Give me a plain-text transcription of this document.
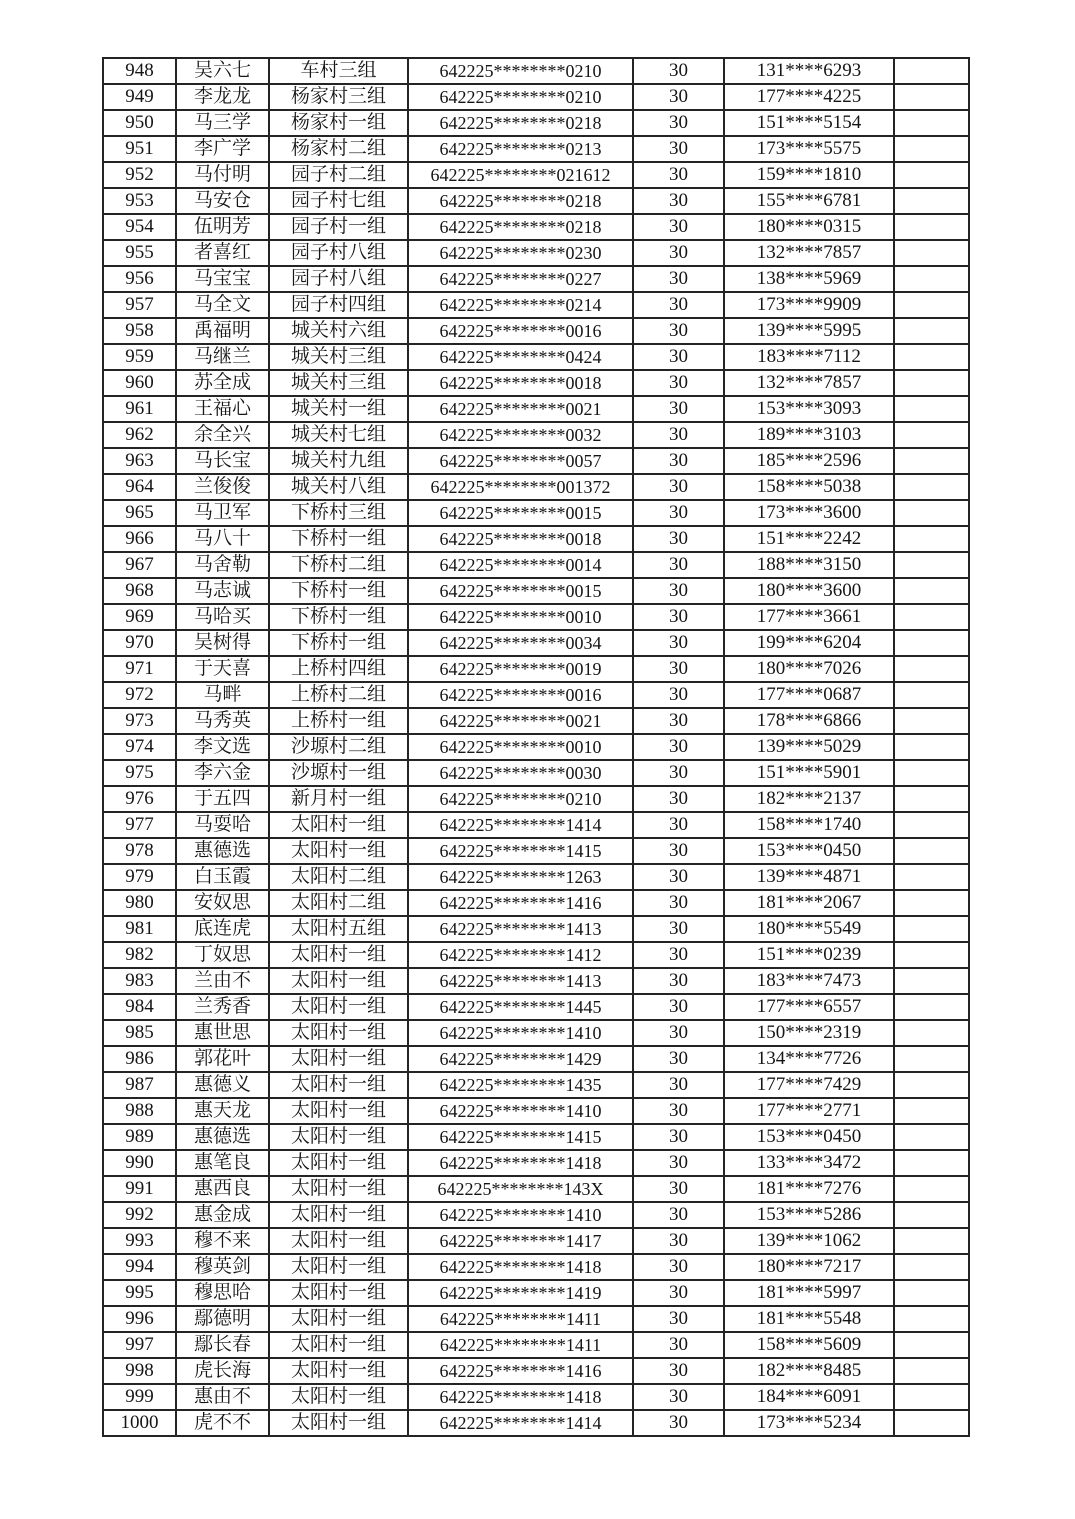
948	吴六七	车村三组	642225********0210	30	131****6293	
949	李龙龙	杨家村三组	642225********0210	30	177****4225	
950	马三学	杨家村一组	642225********0218	30	151****5154	
951	李广学	杨家村二组	642225********0213	30	173****5575	
952	马付明	园子村二组	642225********021612	30	159****1810	
953	马安仓	园子村七组	642225********0218	30	155****6781	
954	伍明芳	园子村一组	642225********0218	30	180****0315	
955	者喜红	园子村八组	642225********0230	30	132****7857	
956	马宝宝	园子村八组	642225********0227	30	138****5969	
957	马全文	园子村四组	642225********0214	30	173****9909	
958	禹福明	城关村六组	642225********0016	30	139****5995	
959	马继兰	城关村三组	642225********0424	30	183****7112	
960	苏全成	城关村三组	642225********0018	30	132****7857	
961	王福心	城关村一组	642225********0021	30	153****3093	
962	余全兴	城关村七组	642225********0032	30	189****3103	
963	马长宝	城关村九组	642225********0057	30	185****2596	
964	兰俊俊	城关村八组	642225********001372	30	158****5038	
965	马卫军	下桥村三组	642225********0015	30	173****3600	
966	马八十	下桥村一组	642225********0018	30	151****2242	
967	马舍勒	下桥村二组	642225********0014	30	188****3150	
968	马志诚	下桥村一组	642225********0015	30	180****3600	
969	马哈买	下桥村一组	642225********0010	30	177****3661	
970	吴树得	下桥村一组	642225********0034	30	199****6204	
971	于天喜	上桥村四组	642225********0019	30	180****7026	
972	马畔	上桥村二组	642225********0016	30	177****0687	
973	马秀英	上桥村一组	642225********0021	30	178****6866	
974	李文选	沙塬村二组	642225********0010	30	139****5029	
975	李六金	沙塬村一组	642225********0030	30	151****5901	
976	于五四	新月村一组	642225********0210	30	182****2137	
977	马耍哈	太阳村一组	642225********1414	30	158****1740	
978	惠德选	太阳村一组	642225********1415	30	153****0450	
979	白玉霞	太阳村二组	642225********1263	30	139****4871	
980	安奴思	太阳村二组	642225********1416	30	181****2067	
981	底连虎	太阳村五组	642225********1413	30	180****5549	
982	丁奴思	太阳村一组	642225********1412	30	151****0239	
983	兰由不	太阳村一组	642225********1413	30	183****7473	
984	兰秀香	太阳村一组	642225********1445	30	177****6557	
985	惠世思	太阳村一组	642225********1410	30	150****2319	
986	郭花叶	太阳村一组	642225********1429	30	134****7726	
987	惠德义	太阳村一组	642225********1435	30	177****7429	
988	惠天龙	太阳村一组	642225********1410	30	177****2771	
989	惠德选	太阳村一组	642225********1415	30	153****0450	
990	惠笔良	太阳村一组	642225********1418	30	133****3472	
991	惠西良	太阳村一组	642225********143X	30	181****7276	
992	惠金成	太阳村一组	642225********1410	30	153****5286	
993	穆不来	太阳村一组	642225********1417	30	139****1062	
994	穆英剑	太阳村一组	642225********1418	30	180****7217	
995	穆思哈	太阳村一组	642225********1419	30	181****5997	
996	鄢德明	太阳村一组	642225********1411	30	181****5548	
997	鄢长春	太阳村一组	642225********1411	30	158****5609	
998	虎长海	太阳村一组	642225********1416	30	182****8485	
999	惠由不	太阳村一组	642225********1418	30	184****6091	
1000	虎不不	太阳村一组	642225********1414	30	173****5234	
